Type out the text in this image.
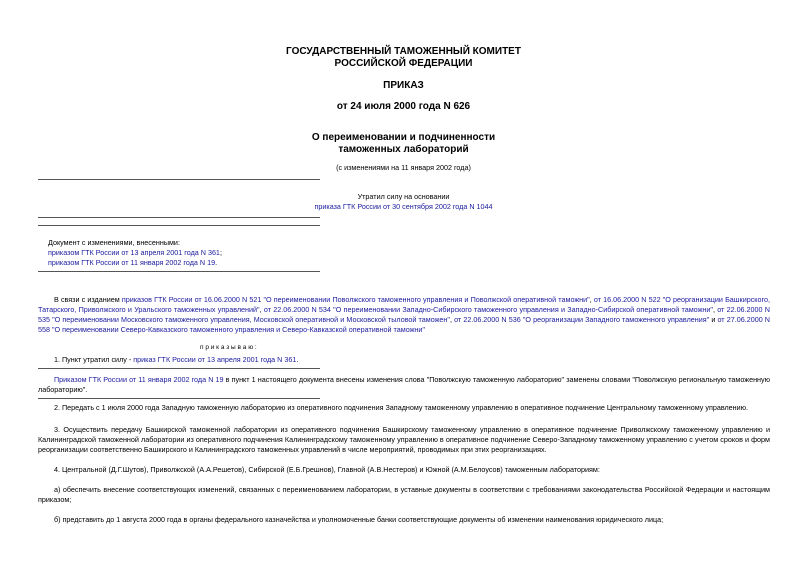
ГОСУДАРСТВЕННЫЙ ТАМОЖЕННЫЙ КОМИТЕТ
РОССИЙСКОЙ ФЕДЕРАЦИИ
ПРИКАЗ
от 24 июля 2000 года N 626
О переименовании и подчиненности
таможенных лабораторий
(с изменениями на 11 января 2002 года)
Утратил силу на основании
приказа ГТК России от 30 сентября 2002 года N 1044
Документ с изменениями, внесенными:
приказом ГТК России от 13 апреля 2001 года N 361;
приказом ГТК России от 11 января 2002 года N 19.
В связи с изданием приказов ГТК России от 16.06.2000 N 521 "О переименовании Поволжского таможенного управления и Поволжской оперативной таможни", от 16.06.2000 N 522 "О реорганизации Башкирского, Татарского, Приволжского и Уральского таможенных управлений", от 22.06.2000 N 534 "О переименовании Западно-Сибирского таможенного управления и Западно-Сибирской оперативной таможни", от 22.06.2000 N 535 "О переименовании Московского таможенного управления, Московской оперативной и Московской тыловой таможен", от 22.06.2000 N 536 "О реорганизации Западного таможенного управления" и от 27.06.2000 N 558 "О переименовании Северо-Кавказского таможенного управления и Северо-Кавказской оперативной таможни"
п р и к а з ы в а ю :
1. Пункт утратил силу - приказ ГТК России от 13 апреля 2001 года N 361.
Приказом ГТК России от 11 января 2002 года N 19 в пункт 1 настоящего документа внесены изменения слова "Поволжскую таможенную лабораторию" заменены словами "Поволжскую региональную таможенную лабораторию".
2. Передать с 1 июля 2000 года Западную таможенную лабораторию из оперативного подчинения Западному таможенному управлению в оперативное подчинение Центральному таможенному управлению.
3. Осуществить передачу Башкирской таможенной лаборатории из оперативного подчинения Башкирскому таможенному управлению в оперативное подчинение Приволжскому таможенному управлению и Калининградской таможенной лаборатории из оперативного подчинения Калининградскому таможенному управлению в оперативное подчинение Северо-Западному таможенному управлению с учетом сроков и форм реорганизации соответственно Башкирского и Калининградского таможенных управлений в числе мероприятий, проводимых при этих реорганизациях.
4. Центральной (Д.Г.Шутов), Приволжской (А.А.Решетов), Сибирской (Е.Б.Грешнов), Главной (А.В.Нестеров) и Южной (А.М.Белоусов) таможенным лабораториям:
а) обеспечить внесение соответствующих изменений, связанных с переименованием лаборатории, в уставные документы в соответствии с требованиями законодательства Российской Федерации и настоящим приказом;
б) представить до 1 августа 2000 года в органы федерального казначейства и уполномоченные банки соответствующие документы об изменении наименования юридического лица;
